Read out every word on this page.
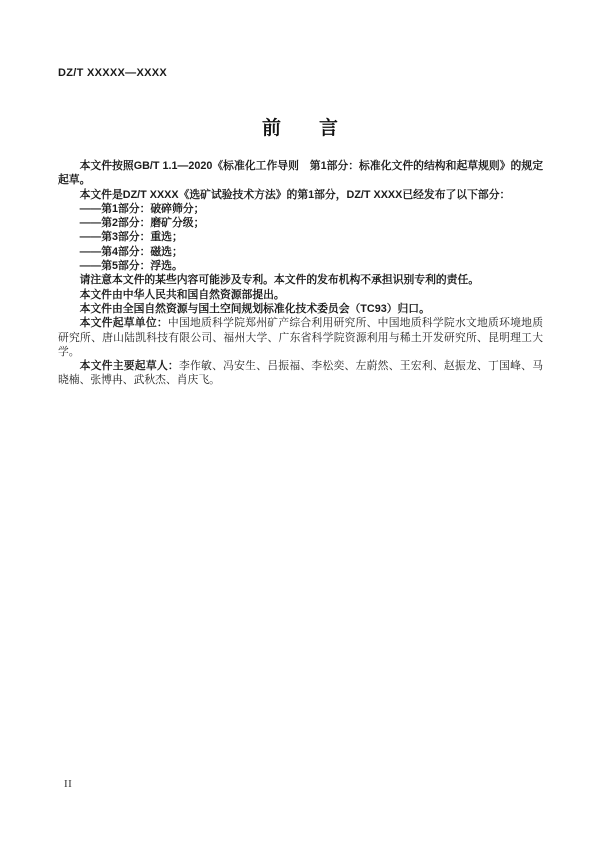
DZ/T XXXXX—XXXX
前　　言

本文件按照GB/T 1.1—2020《标准化工作导则　第1部分：标准化文件的结构和起草规则》的规定起草。

本文件是DZ/T XXXX《选矿试验技术方法》的第1部分，DZ/T XXXX已经发布了以下部分：

——第1部分：破碎筛分；

——第2部分：磨矿分级；

——第3部分：重选；

——第4部分：磁选；

——第5部分：浮选。

请注意本文件的某些内容可能涉及专利。本文件的发布机构不承担识别专利的责任。

本文件由中华人民共和国自然资源部提出。

本文件由全国自然资源与国土空间规划标准化技术委员会（TC93）归口。

本文件起草单位：中国地质科学院郑州矿产综合利用研究所、中国地质科学院水文地质环境地质研究所、唐山陆凯科技有限公司、福州大学、广东省科学院资源利用与稀土开发研究所、昆明理工大学。

本文件主要起草人：李作敏、冯安生、吕振福、李松奕、左蔚然、王宏利、赵振龙、丁国峰、马晓楠、张博冉、武秋杰、肖庆飞。

II
